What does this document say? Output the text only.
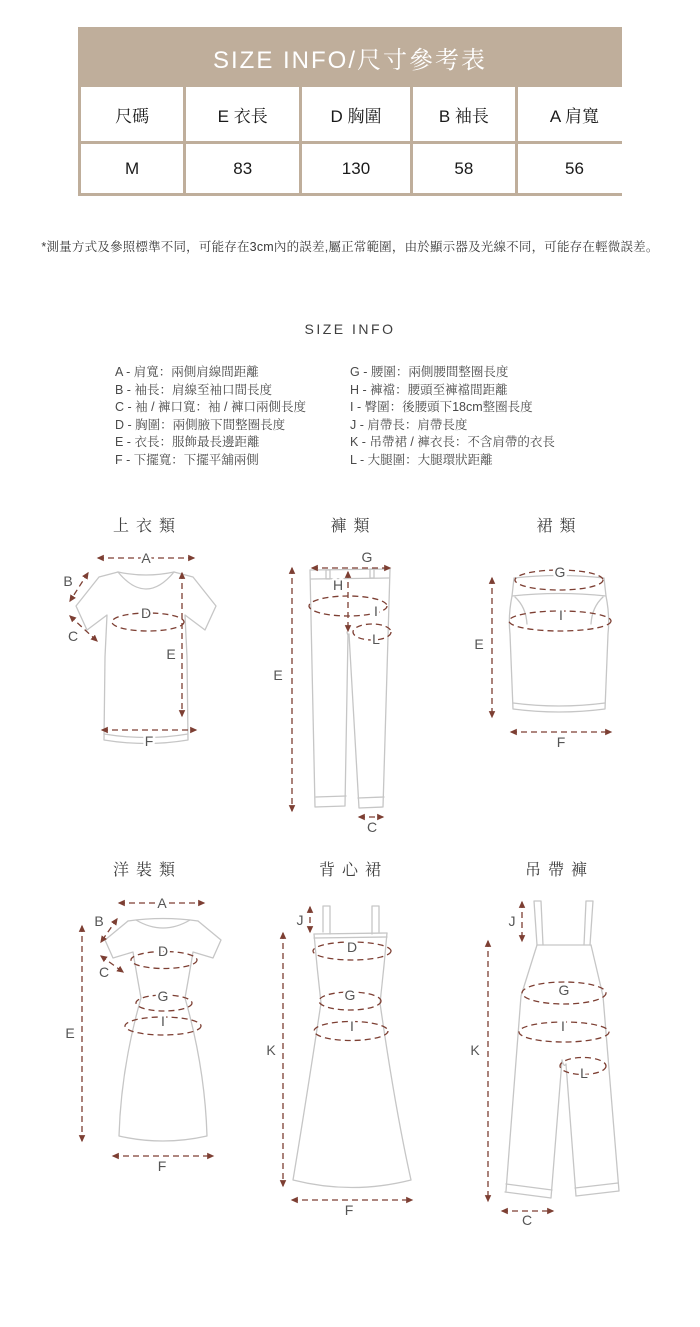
SIZE INFO/尺寸參考表
尺碼	E 衣長	D 胸圍	B 袖長	A 肩寬
M	83	130	58	56
*測量方式及參照標準不同，可能存在3cm內的誤差,屬正常範圍，由於顯示器及光線不同，可能存在輕微誤差。
SIZE INFO
A - 肩寬：兩側肩線間距離
B - 袖長：肩線至袖口間長度
C - 袖 / 褲口寬：袖 / 褲口兩側長度
D - 胸圍：兩側腋下間整圈長度
E - 衣長：服飾最長邊距離
F - 下擺寬：下擺平舖兩側
G - 腰圍：兩側腰間整圈長度
H - 褲襠：腰頭至褲襠間距離
I - 臀圍：後腰頭下18cm整圈長度
J - 肩帶長：肩帶長度
K - 吊帶裙 / 褲衣長：不含肩帶的衣長
L - 大腿圍：大腿環狀距離
上衣類
A
B
C
D
E
F
褲類
G
H
I
L
E
C
裙類
G
I
E
F
洋裝類
A
B
C
D
G
I
E
F
背心裙
J
D
G
I
K
F
吊帶褲
J
G
I
L
K
C
